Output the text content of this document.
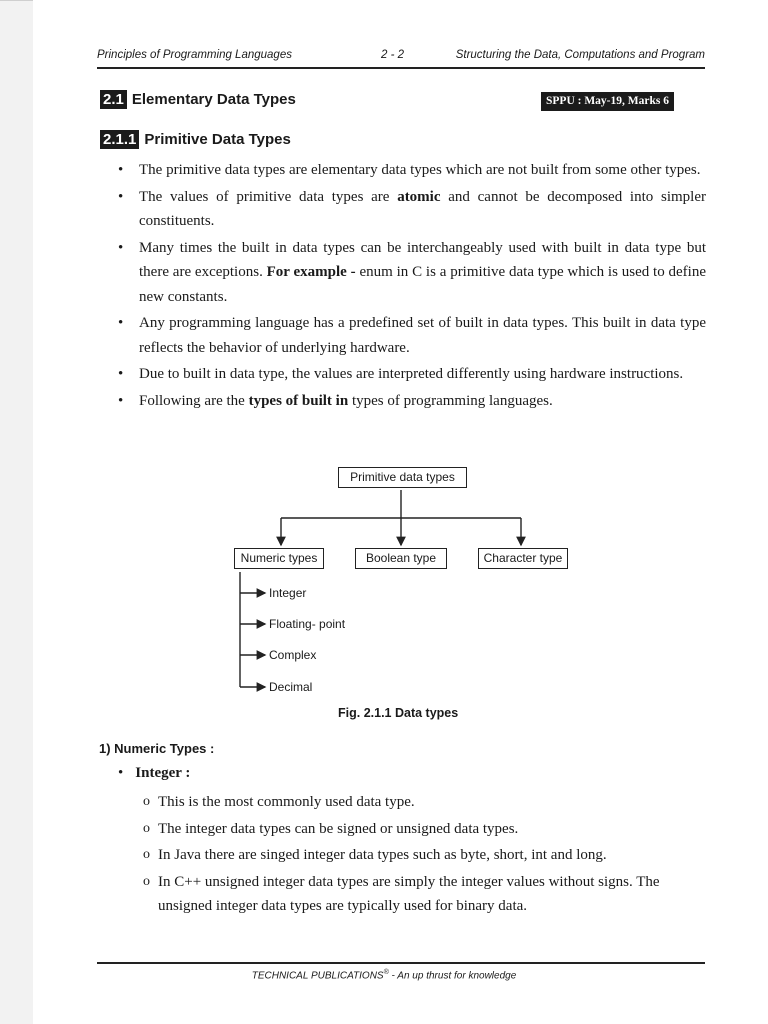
Principles of Programming Languages	2 - 2	Structuring the Data, Computations and Program
2.1 Elementary Data Types	SPPU : May-19, Marks 6
2.1.1 Primitive Data Types
• The primitive data types are elementary data types which are not built from some other types.
• The values of primitive data types are atomic and cannot be decomposed into simpler constituents.
• Many times the built in data types can be interchangeably used with built in data type but there are exceptions. For example - enum in C is a primitive data type which is used to define new constants.
• Any programming language has a predefined set of built in data types. This built in data type reflects the behavior of underlying hardware.
• Due to built in data type, the values are interpreted differently using hardware instructions.
• Following are the types of built in types of programming languages.
Primitive data types
Numeric types	Boolean type	Character type
Integer
Floating- point
Complex
Decimal
Fig. 2.1.1 Data types
1) Numeric Types :
• Integer :
o This is the most commonly used data type.
o The integer data types can be signed or unsigned data types.
o In Java there are singed integer data types such as byte, short, int and long.
o In C++ unsigned integer data types are simply the integer values without signs. The unsigned integer data types are typically used for binary data.
TECHNICAL PUBLICATIONS® - An up thrust for knowledge
